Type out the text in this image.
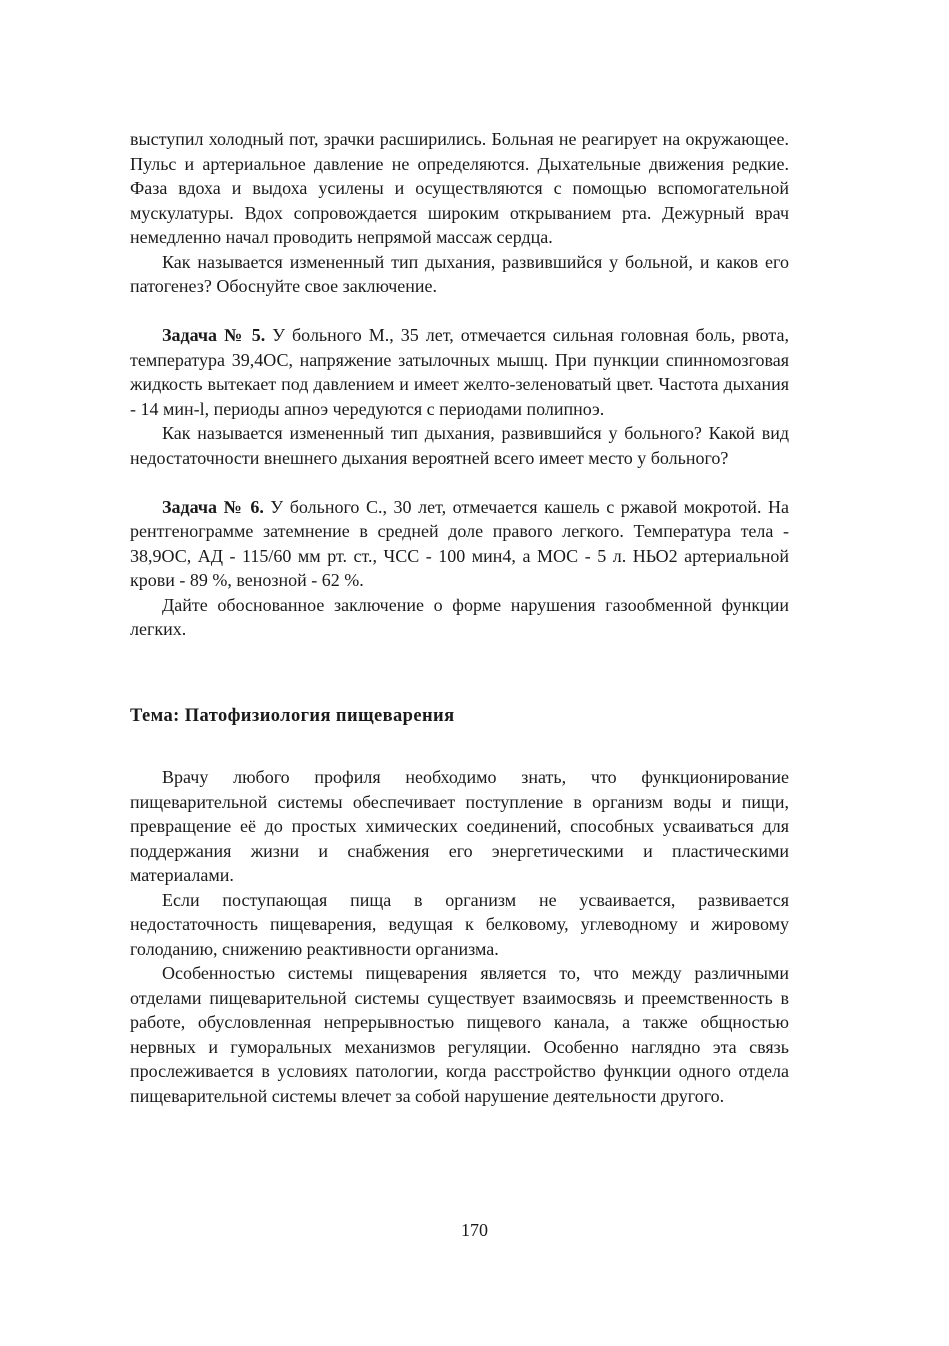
выступил холодный пот, зрачки расширились. Больная не реагирует на окружающее. Пульс и артериальное давление не определяются. Дыхательные движения редкие. Фаза вдоха и выдоха усилены и осуществляются с помощью вспомогательной мускулатуры. Вдох сопровождается широким открыванием рта. Дежурный врач немедленно начал проводить непрямой массаж сердца.

Как называется измененный тип дыхания, развившийся у больной, и каков его патогенез? Обоснуйте свое заключение.

Задача № 5. У больного М., 35 лет, отмечается сильная головная боль, рвота, температура 39,4ОС, напряжение затылочных мышц. При пункции спинномозговая жидкость вытекает под давлением и имеет желто-зеленоватый цвет. Частота дыхания - 14 мин-l, периоды апноэ чередуются с периодами полипноэ.

Как называется измененный тип дыхания, развившийся у больного? Какой вид недостаточности внешнего дыхания вероятней всего имеет место у больного?

Задача № 6. У больного С., 30 лет, отмечается кашель с ржавой мокротой. На рентгенограмме затемнение в средней доле правого легкого. Температура тела - 38,9ОС, АД - 115/60 мм рт. ст., ЧСС - 100 мин4, а МОС - 5 л. НЬО2 артериальной крови - 89 %, венозной - 62 %.

Дайте обоснованное заключение о форме нарушения газообменной функции легких.

Тема: Патофизиология пищеварения

Врачу любого профиля необходимо знать, что функционирование пищеварительной системы обеспечивает поступление в организм воды и пищи, превращение её до простых химических соединений, способных усваиваться для поддержания жизни и снабжения его энергетическими и пластическими материалами.

Если поступающая пища в организм не усваивается, развивается недостаточность пищеварения, ведущая к белковому, углеводному и жировому голоданию, снижению реактивности организма.

Особенностью системы пищеварения является то, что между различными отделами пищеварительной системы существует взаимосвязь и преемственность в работе, обусловленная непрерывностью пищевого канала, а также общностью нервных и гуморальных механизмов регуляции. Особенно наглядно эта связь прослеживается в условиях патологии, когда расстройство функции одного отдела пищеварительной системы влечет за собой нарушение деятельности другого.

170
